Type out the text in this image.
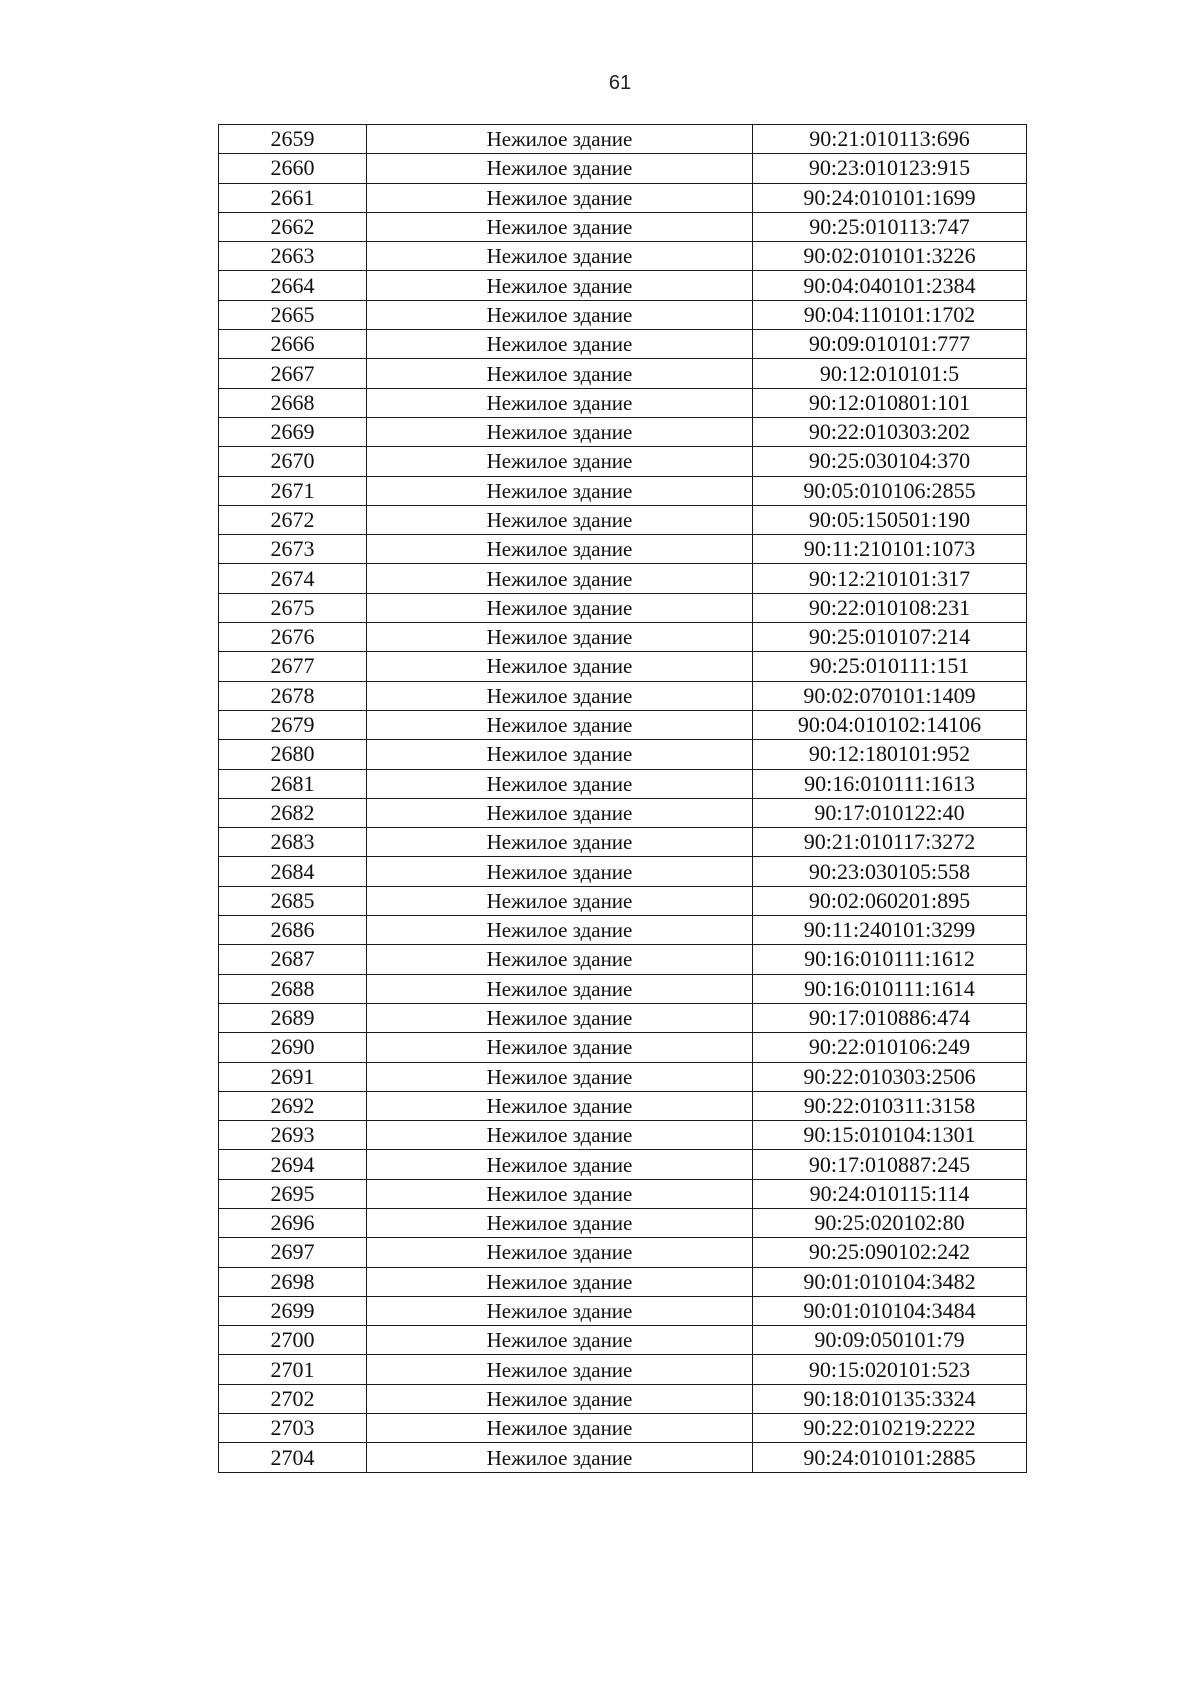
61
2659	Нежилое здание	90:21:010113:696
2660	Нежилое здание	90:23:010123:915
2661	Нежилое здание	90:24:010101:1699
2662	Нежилое здание	90:25:010113:747
2663	Нежилое здание	90:02:010101:3226
2664	Нежилое здание	90:04:040101:2384
2665	Нежилое здание	90:04:110101:1702
2666	Нежилое здание	90:09:010101:777
2667	Нежилое здание	90:12:010101:5
2668	Нежилое здание	90:12:010801:101
2669	Нежилое здание	90:22:010303:202
2670	Нежилое здание	90:25:030104:370
2671	Нежилое здание	90:05:010106:2855
2672	Нежилое здание	90:05:150501:190
2673	Нежилое здание	90:11:210101:1073
2674	Нежилое здание	90:12:210101:317
2675	Нежилое здание	90:22:010108:231
2676	Нежилое здание	90:25:010107:214
2677	Нежилое здание	90:25:010111:151
2678	Нежилое здание	90:02:070101:1409
2679	Нежилое здание	90:04:010102:14106
2680	Нежилое здание	90:12:180101:952
2681	Нежилое здание	90:16:010111:1613
2682	Нежилое здание	90:17:010122:40
2683	Нежилое здание	90:21:010117:3272
2684	Нежилое здание	90:23:030105:558
2685	Нежилое здание	90:02:060201:895
2686	Нежилое здание	90:11:240101:3299
2687	Нежилое здание	90:16:010111:1612
2688	Нежилое здание	90:16:010111:1614
2689	Нежилое здание	90:17:010886:474
2690	Нежилое здание	90:22:010106:249
2691	Нежилое здание	90:22:010303:2506
2692	Нежилое здание	90:22:010311:3158
2693	Нежилое здание	90:15:010104:1301
2694	Нежилое здание	90:17:010887:245
2695	Нежилое здание	90:24:010115:114
2696	Нежилое здание	90:25:020102:80
2697	Нежилое здание	90:25:090102:242
2698	Нежилое здание	90:01:010104:3482
2699	Нежилое здание	90:01:010104:3484
2700	Нежилое здание	90:09:050101:79
2701	Нежилое здание	90:15:020101:523
2702	Нежилое здание	90:18:010135:3324
2703	Нежилое здание	90:22:010219:2222
2704	Нежилое здание	90:24:010101:2885
